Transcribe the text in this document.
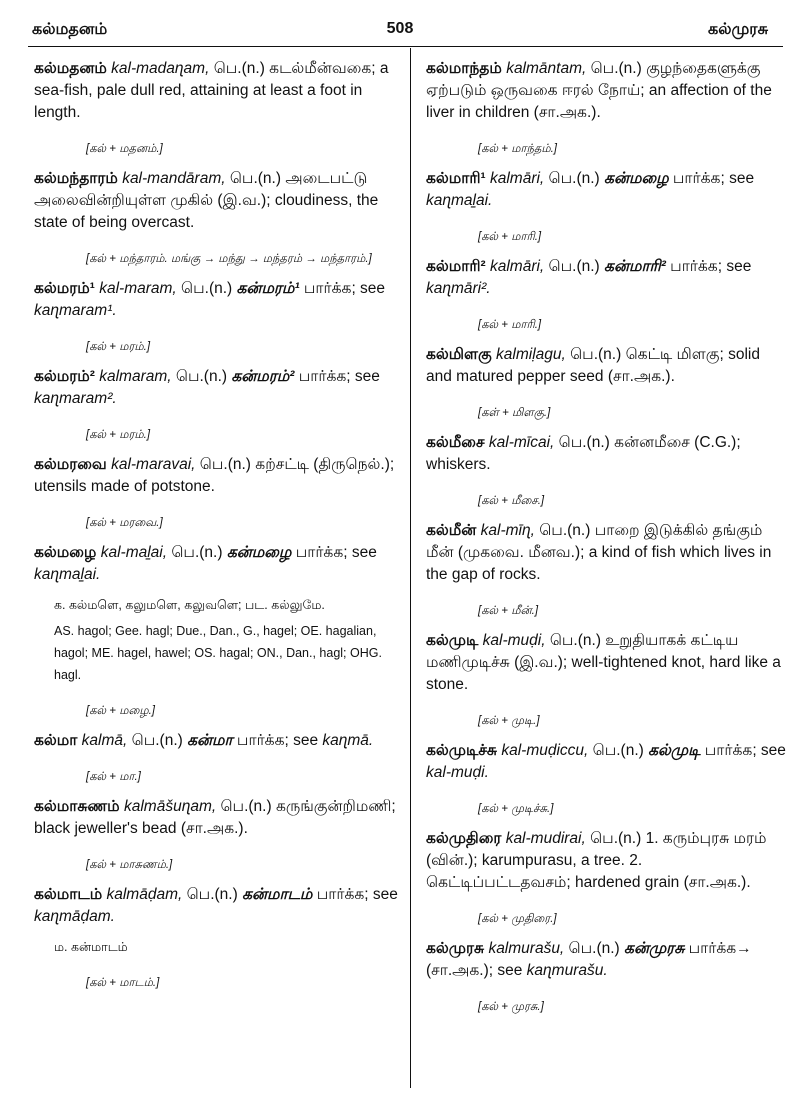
கல்மதனம்	508	கல்முரசு

கல்மதனம் kal-madaɳam, பெ.(n.) கடல்மீன்வகை; a sea-fish, pale dull red, attaining at least a foot in length.

[கல் + மதனம்.]

கல்மந்தாரம் kal-mandāram, பெ.(n.) அடைபட்டு அலைவின்றியுள்ள முகில் (இ.வ.); cloudiness, the state of being overcast.

[கல் + மந்தாரம். மங்கு → மந்து → மந்தரம் → மந்தாரம்.]

கல்மரம்¹ kal-maram, பெ.(n.) கன்மரம்¹ பார்க்க; see kaɳmaram¹.

[கல் + மரம்.]

கல்மரம்² kalmaram, பெ.(n.) கன்மரம்² பார்க்க; see kaɳmaram².

[கல் + மரம்.]

கல்மரவை kal-maravai, பெ.(n.) கற்சட்டி (திருநெல்.); utensils made of potstone.

[கல் + மரவை.]

கல்மழை kal-maḻai, பெ.(n.) கன்மழை பார்க்க; see kaɳmaḻai.

க. கல்மளெ, கலுமளெ, கலுவளெ; பட. கல்லுமே.
AS. hagol; Gee. hagl; Due., Dan., G., hagel; OE. hagalian, hagol; ME. hagel, hawel; OS. hagal; ON., Dan., hagl; OHG. hagl.
[கல் + மழை.]

கல்மா kalmā, பெ.(n.) கன்மா பார்க்க; see kaɳmā.

[கல் + மா.]

கல்மாசுணம் kalmāšuɳam, பெ.(n.) கருங்குன்றிமணி; black jeweller's bead (சா.அக.).

[கல் + மாசுணம்.]

கல்மாடம் kalmāḍam, பெ.(n.) கன்மாடம் பார்க்க; see kaɳmāḍam.

ம. கன்மாடம்
[கல் + மாடம்.]

கல்மாந்தம் kalmāntam, பெ.(n.) குழந்தைகளுக்கு ஏற்படும் ஒருவகை ஈரல் நோய்; an affection of the liver in children (சா.அக.).

[கல் + மாந்தம்.]

கல்மாரி¹ kalmāri, பெ.(n.) கன்மழை பார்க்க; see kaɳmaḻai.

[கல் + மாரி.]

கல்மாரி² kalmāri, பெ.(n.) கன்மாரி² பார்க்க; see kaɳmāri².

[கல் + மாரி.]

கல்மிளகு kalmiḷagu, பெ.(n.) கெட்டி மிளகு; solid and matured pepper seed (சா.அக.).

[கள் + மிளகு.]

கல்மீசை kal-mīcai, பெ.(n.) கன்னமீசை (C.G.); whiskers.

[கல் + மீசை.]

கல்மீன் kal-mīɳ, பெ.(n.) பாறை இடுக்கில் தங்கும் மீன் (முகவை. மீனவ.); a kind of fish which lives in the gap of rocks.

[கல் + மீன்.]

கல்முடி kal-muḍi, பெ.(n.) உறுதியாகக் கட்டிய மணிமுடிச்சு (இ.வ.); well-tightened knot, hard like a stone.

[கல் + முடி.]

கல்முடிச்சு kal-muḍiccu, பெ.(n.) கல்முடி பார்க்க; see kal-muḍi.

[கல் + முடிச்சு.]

கல்முதிரை kal-mudirai, பெ.(n.) 1. கரும்புரசு மரம் (வின்.); karumpurasu, a tree. 2. கெட்டிப்பட்டதவசம்; hardened grain (சா.அக.).

[கல் + முதிரை.]

கல்முரசு kalmurašu, பெ.(n.) கன்முரசு பார்க்க→ (சா.அக.); see kaɳmurašu.

[கல் + முரசு.]
